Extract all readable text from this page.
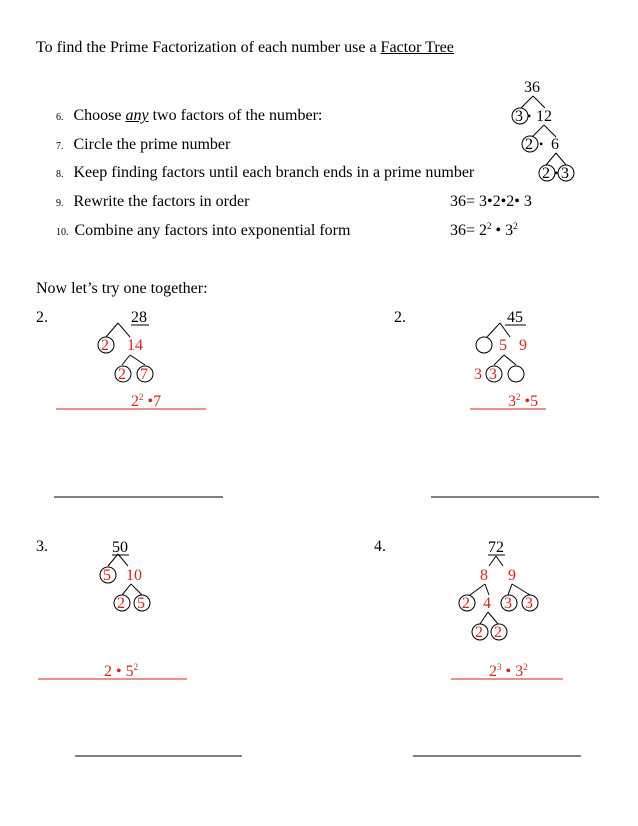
To find the Prime Factorization of each number use a Factor Tree
6. Choose any two factors of the number:
7. Circle the prime number
8. Keep finding factors until each branch ends in a prime number
9. Rewrite the factors in order
10. Combine any factors into exponential form
36= 3•2•2• 3
$36= 2^2$ • $3^2$
Now let’s try one together:
2.	2.
3.	4.
36
3 • 12
2 • 6
2 • 3
28
2 14
2 7
45
5 9
3 3
50
5 10
2 5
72
8 9
2 4 3 3
2 2
$2^2$ •7	$3^2$ •5
2 • $5^2$	$2^3$ • $3^2$
